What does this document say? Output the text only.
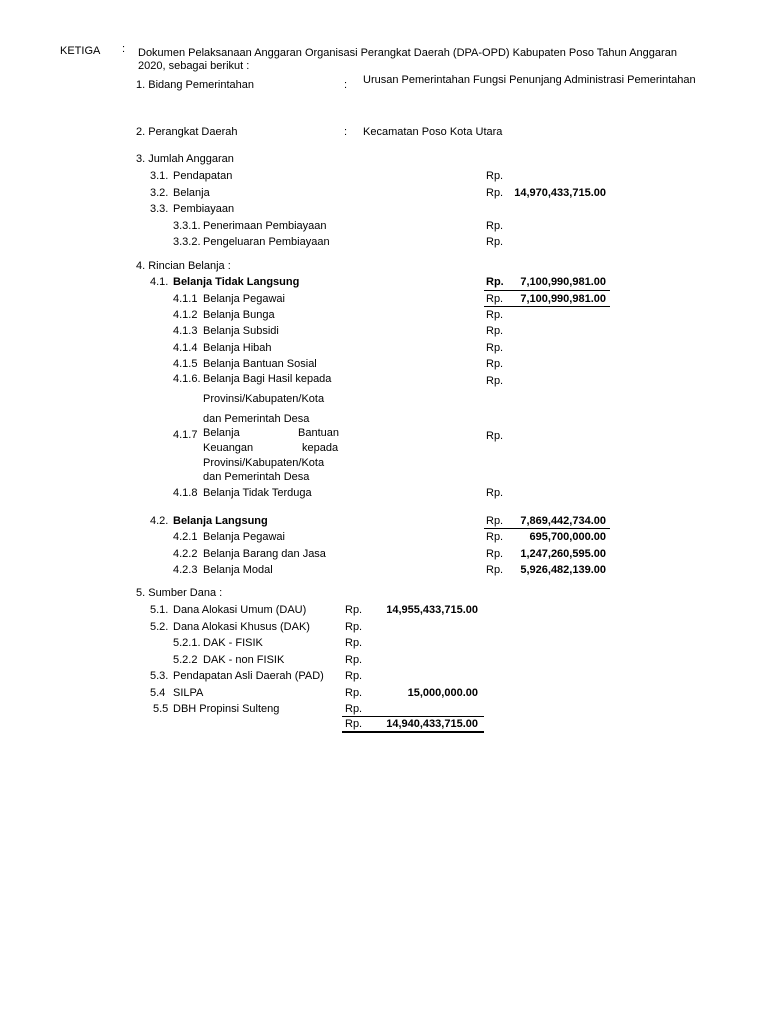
KETIGA : Dokumen Pelaksanaan Anggaran Organisasi Perangkat Daerah (DPA-OPD) Kabupaten Poso Tahun Anggaran
2020, sebagai berikut :
1. Bidang Pemerintahan	: Urusan Pemerintahan Fungsi Penunjang Administrasi Pemerintahan
2. Perangkat Daerah	: Kecamatan Poso Kota Utara
3. Jumlah Anggaran
3.1. Pendapatan	Rp.
3.2. Belanja	Rp.	14,970,433,715.00
3.3. Pembiayaan
3.3.1. Penerimaan Pembiayaan	Rp.
3.3.2. Pengeluaran Pembiayaan	Rp.
4. Rincian Belanja :
4.1. Belanja Tidak Langsung	Rp.	7,100,990,981.00
4.1.1 Belanja Pegawai	Rp.	7,100,990,981.00
4.1.2 Belanja Bunga	Rp.
4.1.3 Belanja Subsidi	Rp.
4.1.4 Belanja Hibah	Rp.
4.1.5 Belanja Bantuan Sosial	Rp.
4.1.6. Belanja Bagi Hasil kepada	Rp.
Provinsi/Kabupaten/Kota
dan Pemerintah Desa
4.1.7 Belanja	Bantuan	Rp.
Keuangan	kepada
Provinsi/Kabupaten/Kota
dan Pemerintah Desa
4.1.8 Belanja Tidak Terduga	Rp.
4.2. Belanja Langsung	Rp.	7,869,442,734.00
4.2.1 Belanja Pegawai	Rp.	695,700,000.00
4.2.2 Belanja Barang dan Jasa	Rp.	1,247,260,595.00
4.2.3 Belanja Modal	Rp.	5,926,482,139.00
5. Sumber Dana :
5.1. Dana Alokasi Umum (DAU)	Rp.	14,955,433,715.00
5.2. Dana Alokasi Khusus (DAK)	Rp.
5.2.1. DAK - FISIK	Rp.
5.2.2 DAK - non FISIK	Rp.
5.3. Pendapatan Asli Daerah (PAD) Rp.
5.4 SILPA	Rp.	15,000,000.00
5.5 DBH Propinsi Sulteng	Rp.
Rp.	14,940,433,715.00
